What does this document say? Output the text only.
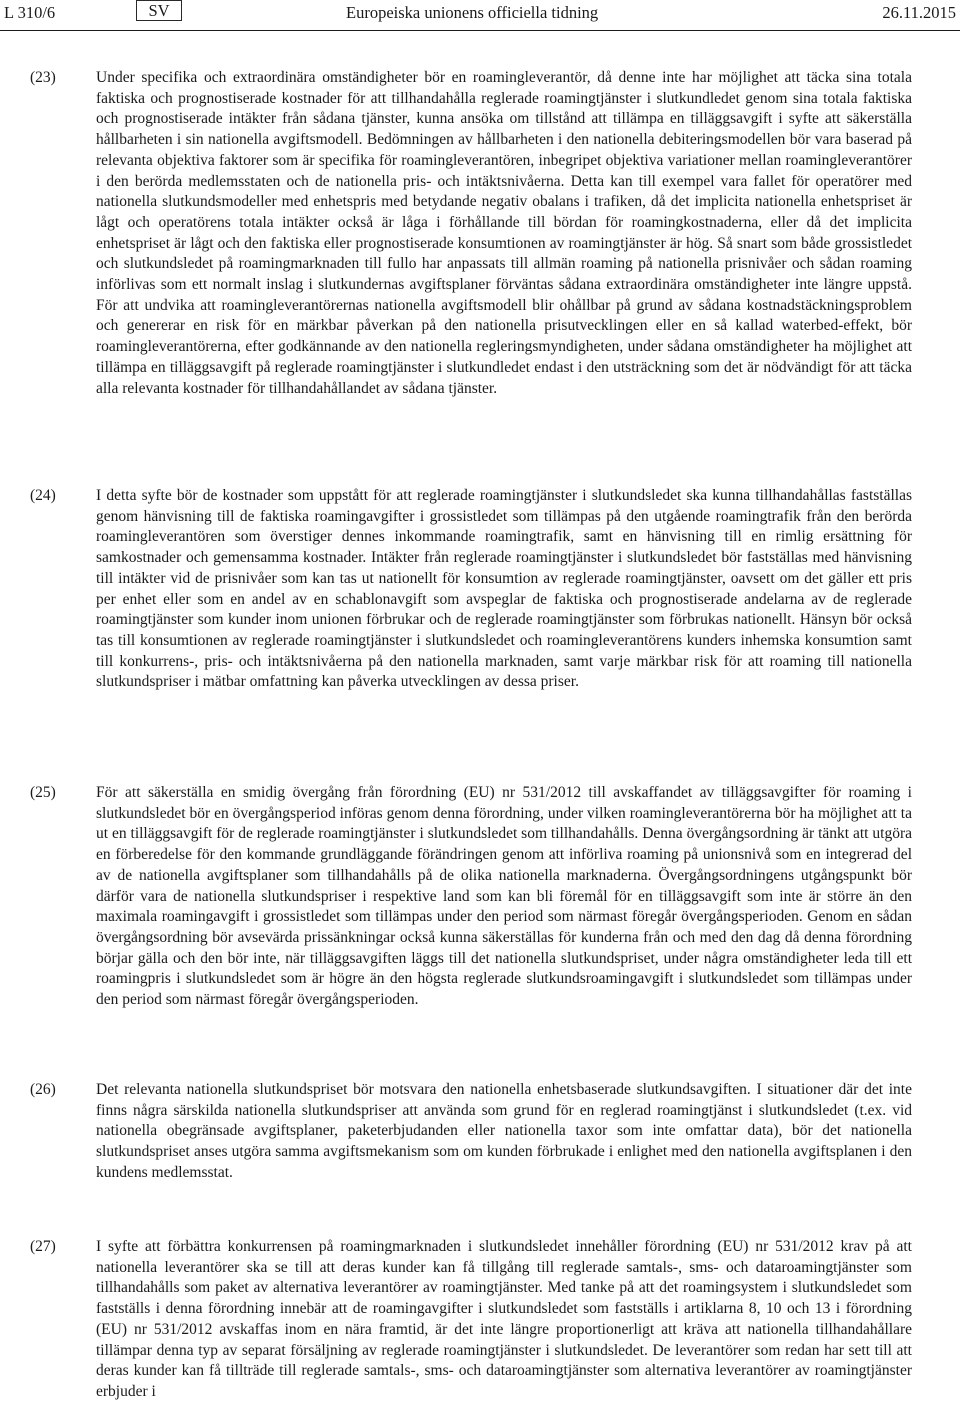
L 310/6	SV	Europeiska unionens officiella tidning	26.11.2015
(23)	Under specifika och extraordinära omständigheter bör en roamingleverantör, då denne inte har möjlighet att täcka sina totala faktiska och prognostiserade kostnader för att tillhandahålla reglerade roamingtjänster i slutkundledet genom sina totala faktiska och prognostiserade intäkter från sådana tjänster, kunna ansöka om tillstånd att tillämpa en tilläggsavgift i syfte att säkerställa hållbarheten i sin nationella avgiftsmodell. Bedömningen av hållbarheten i den nationella debiteringsmodellen bör vara baserad på relevanta objektiva faktorer som är specifika för roamingleverantören, inbegripet objektiva variationer mellan roamingleverantörer i den berörda medlemsstaten och de nationella pris- och intäktsnivåerna. Detta kan till exempel vara fallet för operatörer med nationella slutkundsmodeller med enhetspris med betydande negativ obalans i trafiken, då det implicita nationella enhetspriset är lågt och operatörens totala intäkter också är låga i förhållande till bördan för roamingkostnaderna, eller då det implicita enhetspriset är lågt och den faktiska eller prognostiserade konsumtionen av roamingtjänster är hög. Så snart som både grossistledet och slutkundsledet på roamingmarknaden till fullo har anpassats till allmän roaming på nationella prisnivåer och sådan roaming införlivas som ett normalt inslag i slutkundernas avgiftsplaner förväntas sådana extraordinära omständigheter inte längre uppstå. För att undvika att roamingleverantörernas nationella avgiftsmodell blir ohållbar på grund av sådana kostnadstäckningsproblem och genererar en risk för en märkbar påverkan på den nationella prisutvecklingen eller en så kallad waterbed-effekt, bör roamingleverantörerna, efter godkännande av den nationella regleringsmyndigheten, under sådana omständigheter ha möjlighet att tillämpa en tilläggsavgift på reglerade roamingtjänster i slutkundledet endast i den utsträckning som det är nödvändigt för att täcka alla relevanta kostnader för tillhandahållandet av sådana tjänster.
(24)	I detta syfte bör de kostnader som uppstått för att reglerade roamingtjänster i slutkundsledet ska kunna tillhandahållas fastställas genom hänvisning till de faktiska roamingavgifter i grossistledet som tillämpas på den utgående roamingtrafik från den berörda roamingleverantören som överstiger dennes inkommande roamingtrafik, samt en hänvisning till en rimlig ersättning för samkostnader och gemensamma kostnader. Intäkter från reglerade roamingtjänster i slutkundsledet bör fastställas med hänvisning till intäkter vid de prisnivåer som kan tas ut nationellt för konsumtion av reglerade roamingtjänster, oavsett om det gäller ett pris per enhet eller som en andel av en schablonavgift som avspeglar de faktiska och prognostiserade andelarna av de reglerade roamingtjänster som kunder inom unionen förbrukar och de reglerade roamingtjänster som förbrukas nationellt. Hänsyn bör också tas till konsumtionen av reglerade roamingtjänster i slutkundsledet och roamingleverantörens kunders inhemska konsumtion samt till konkurrens-, pris- och intäktsnivåerna på den nationella marknaden, samt varje märkbar risk för att roaming till nationella slutkundspriser i mätbar omfattning kan påverka utvecklingen av dessa priser.
(25)	För att säkerställa en smidig övergång från förordning (EU) nr 531/2012 till avskaffandet av tilläggsavgifter för roaming i slutkundsledet bör en övergångsperiod införas genom denna förordning, under vilken roamingleverantörerna bör ha möjlighet att ta ut en tilläggsavgift för de reglerade roamingtjänster i slutkundsledet som tillhandahålls. Denna övergångsordning är tänkt att utgöra en förberedelse för den kommande grundläggande förändringen genom att införliva roaming på unionsnivå som en integrerad del av de nationella avgiftsplaner som tillhandahålls på de olika nationella marknaderna. Övergångsordningens utgångspunkt bör därför vara de nationella slutkundspriser i respektive land som kan bli föremål för en tilläggsavgift som inte är större än den maximala roamingavgift i grossistledet som tillämpas under den period som närmast föregår övergångsperioden. Genom en sådan övergångsordning bör avsevärda prissänkningar också kunna säkerställas för kunderna från och med den dag då denna förordning börjar gälla och den bör inte, när tilläggsavgiften läggs till det nationella slutkundspriset, under några omständigheter leda till ett roamingpris i slutkundsledet som är högre än den högsta reglerade slutkundsroamingavgift i slutkundsledet som tillämpas under den period som närmast föregår övergångsperioden.
(26)	Det relevanta nationella slutkundspriset bör motsvara den nationella enhetsbaserade slutkundsavgiften. I situationer där det inte finns några särskilda nationella slutkundspriser att använda som grund för en reglerad roamingtjänst i slutkundsledet (t.ex. vid nationella obegränsade avgiftsplaner, paketerbjudanden eller nationella taxor som inte omfattar data), bör det nationella slutkundspriset anses utgöra samma avgiftsmekanism som om kunden förbrukade i enlighet med den nationella avgiftsplanen i den kundens medlemsstat.
(27)	I syfte att förbättra konkurrensen på roamingmarknaden i slutkundsledet innehåller förordning (EU) nr 531/2012 krav på att nationella leverantörer ska se till att deras kunder kan få tillgång till reglerade samtals-, sms- och dataroamingtjänster som tillhandahålls som paket av alternativa leverantörer av roamingtjänster. Med tanke på att det roamingsystem i slutkundsledet som fastställs i denna förordning innebär att de roamingavgifter i slutkundsledet som fastställs i artiklarna 8, 10 och 13 i förordning (EU) nr 531/2012 avskaffas inom en nära framtid, är det inte längre proportionerligt att kräva att nationella tillhandahållare tillämpar denna typ av separat försäljning av reglerade roamingtjänster i slutkundsledet. De leverantörer som redan har sett till att deras kunder kan få tillträde till reglerade samtals-, sms- och dataroamingtjänster som alternativa leverantörer av roamingtjänster erbjuder i
